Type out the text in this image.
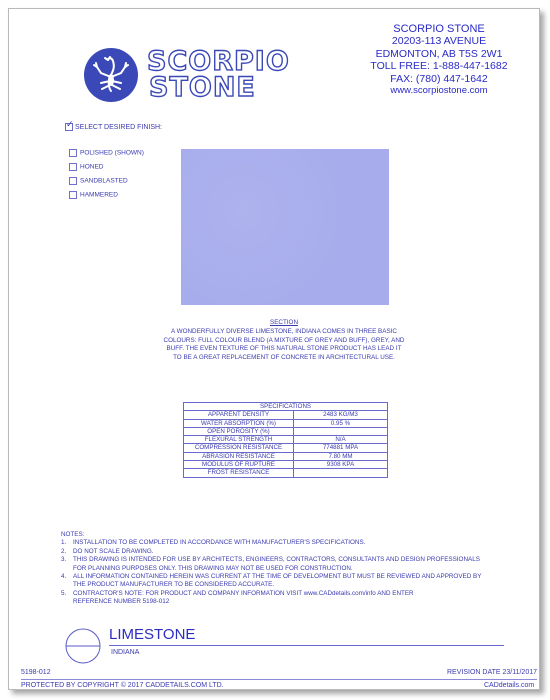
SCORPIO
STONE
SCORPIO STONE
20203-113 AVENUE
EDMONTON, AB T5S 2W1
TOLL FREE: 1-888-447-1682
FAX: (780) 447-1642
www.scorpiostone.com
✓ SELECT DESIRED FINISH:
POLISHED (SHOWN)
HONED
SANDBLASTED
HAMMERED
SECTION
A WONDERFULLY DIVERSE LIMESTONE, INDIANA COMES IN THREE BASIC
COLOURS: FULL COLOUR BLEND (A MIXTURE OF GREY AND BUFF), GREY, AND
BUFF. THE EVEN TEXTURE OF THIS NATURAL STONE PRODUCT HAS LEAD IT
TO BE A GREAT REPLACEMENT OF CONCRETE IN ARCHITECTURAL USE.
SPECIFICATIONS	
APPARENT DENSITY	2483 KG/M3
WATER ABSORPTION (%)	0.95 %
OPEN POROSITY (%)	
FLEXURAL STRENGTH	N/A
COMPRESSION RESISTANCE	774881 MPA
ABRASION RESISTANCE	7.80 MM
MODULUS OF RUPTURE	9308 KPA
FROST RESISTANCE	
NOTES:
1.	INSTALLATION TO BE COMPLETED IN ACCORDANCE WITH MANUFACTURER'S SPECIFICATIONS.
2.	DO NOT SCALE DRAWING.
3.	THIS DRAWING IS INTENDED FOR USE BY ARCHITECTS, ENGINEERS, CONTRACTORS, CONSULTANTS AND DESIGN PROFESSIONALS
FOR PLANNING PURPOSES ONLY. THIS DRAWING MAY NOT BE USED FOR CONSTRUCTION.
4.	ALL INFORMATION CONTAINED HEREIN WAS CURRENT AT THE TIME OF DEVELOPMENT BUT MUST BE REVIEWED AND APPROVED BY
THE PRODUCT MANUFACTURER TO BE CONSIDERED ACCURATE.
5.	CONTRACTOR'S NOTE: FOR PRODUCT AND COMPANY INFORMATION VISIT www.CADdetails.com/info AND ENTER
REFERENCE NUMBER 5198-012
LIMESTONE
INDIANA
5198-012	REVISION DATE 23/11/2017
PROTECTED BY COPYRIGHT © 2017 CADDETAILS.COM LTD.	CADdetails.com
